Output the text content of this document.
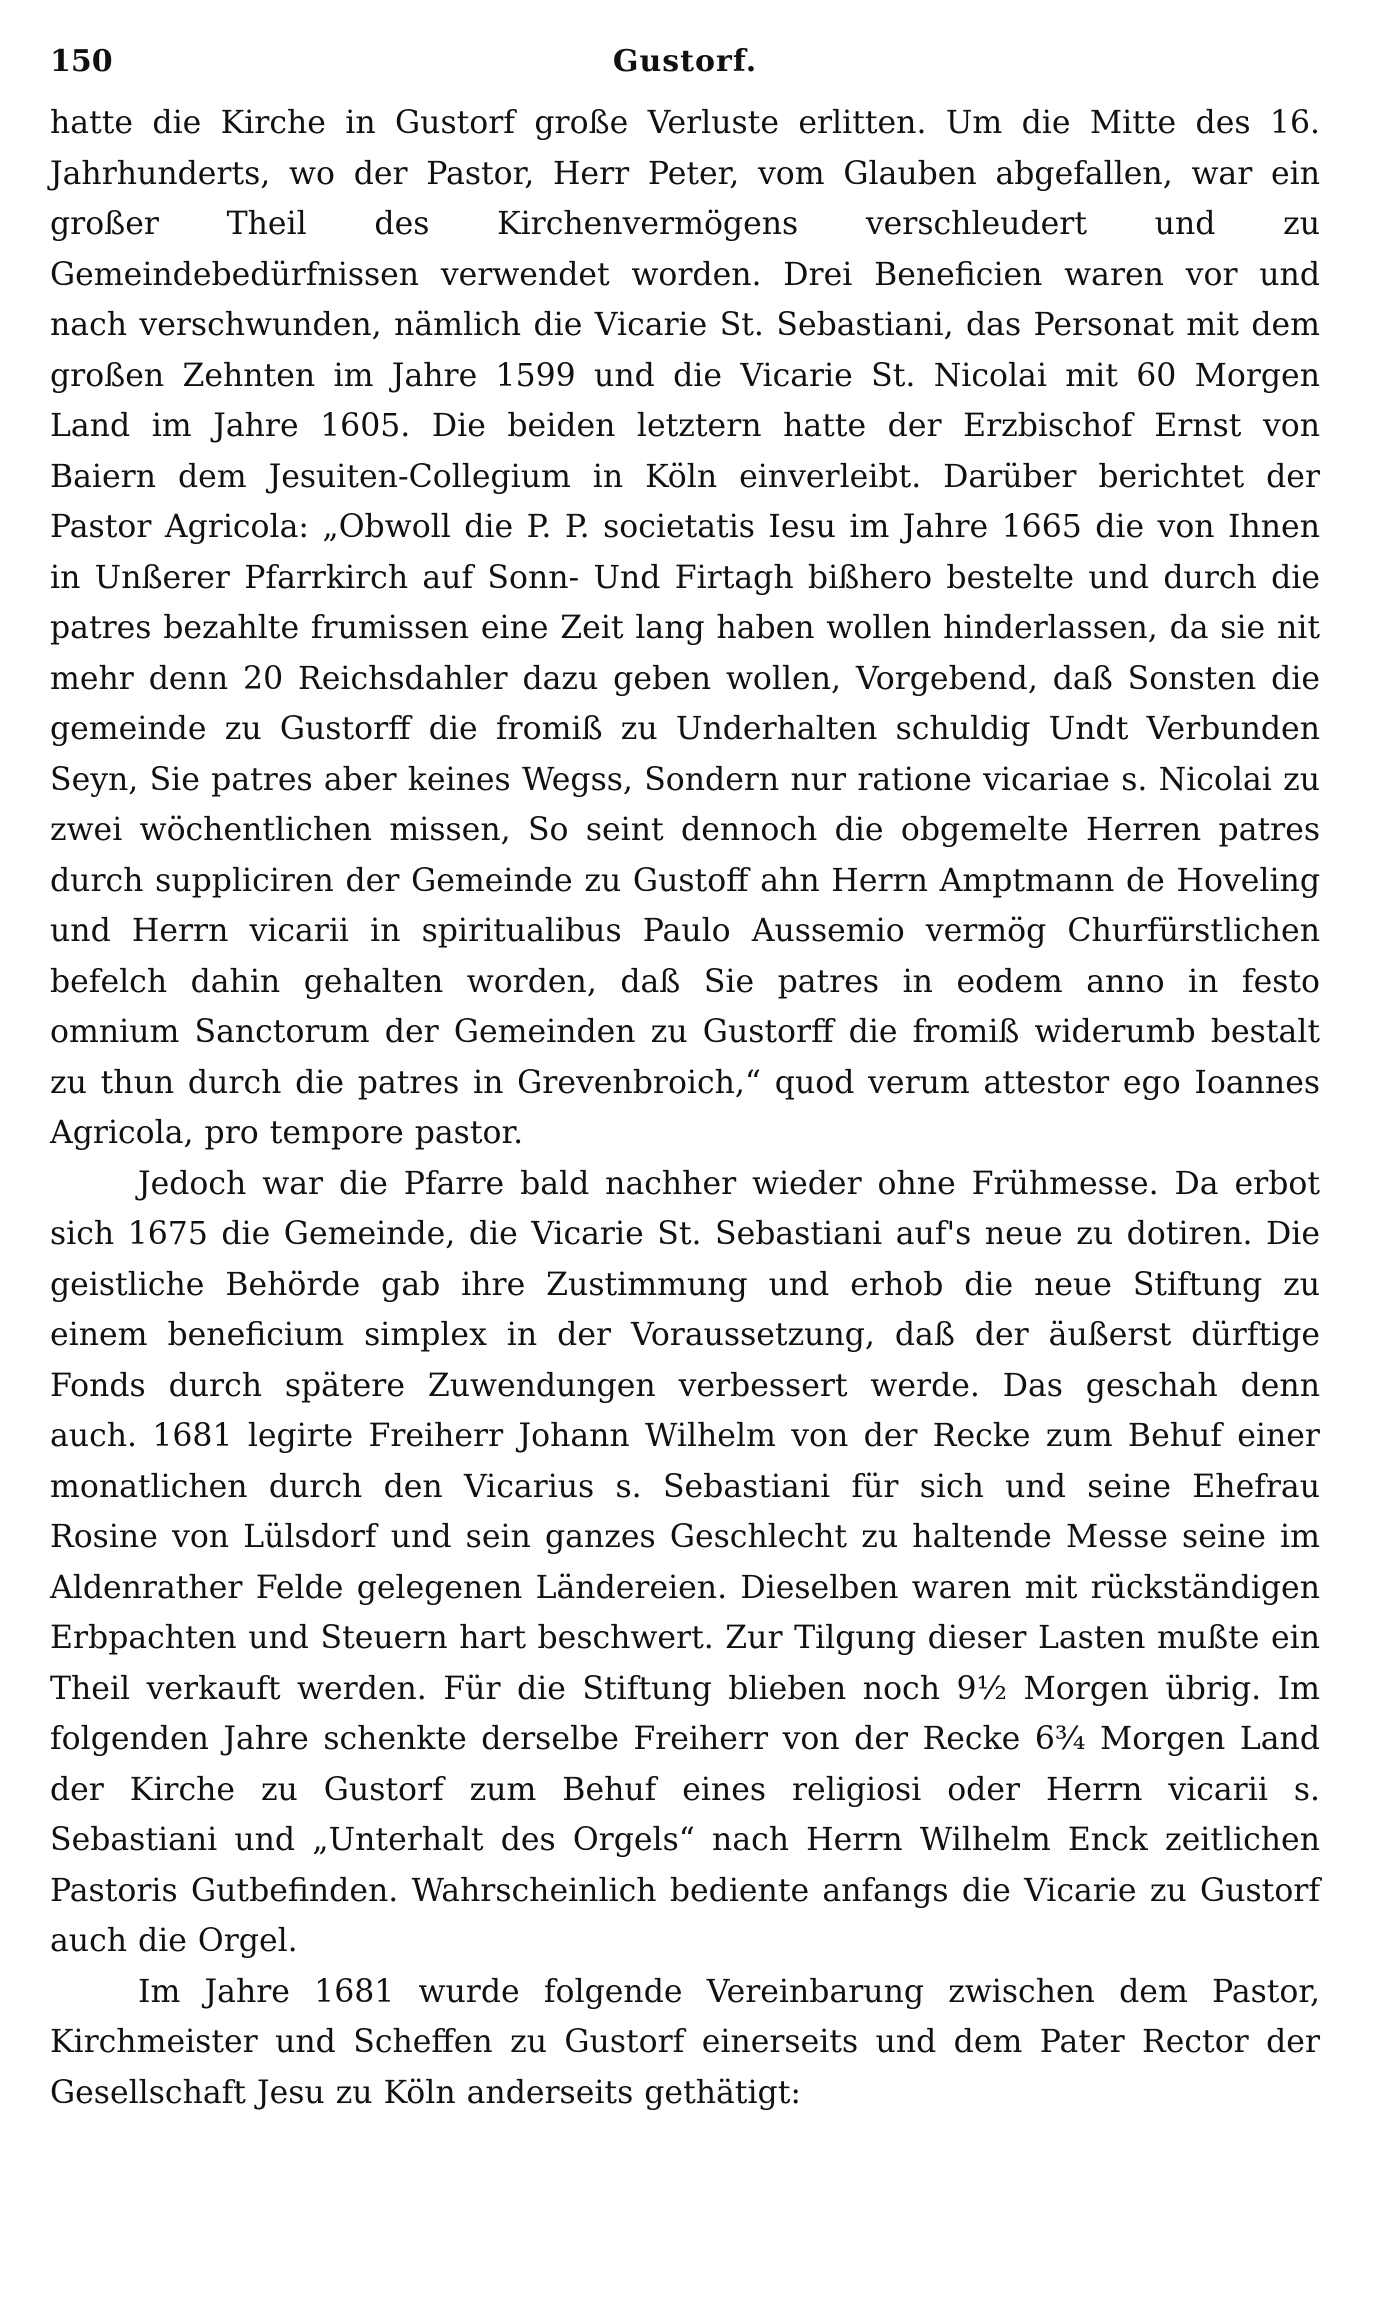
150	Gustorf.

hatte die Kirche in Gustorf große Verluste erlitten. Um die Mitte des 16. Jahrhunderts, wo der Pastor, Herr Peter, vom Glauben abgefallen, war ein großer Theil des Kirchenvermögens verschleudert und zu Gemeindebedürfnissen verwendet worden. Drei Beneficien waren vor und nach verschwunden, nämlich die Vicarie St. Sebastiani, das Personat mit dem großen Zehnten im Jahre 1599 und die Vicarie St. Nicolai mit 60 Morgen Land im Jahre 1605. Die beiden letztern hatte der Erzbischof Ernst von Baiern dem Jesuiten-Collegium in Köln einverleibt. Darüber berichtet der Pastor Agricola: „Obwoll die P. P. societatis Iesu im Jahre 1665 die von Ihnen in Unßerer Pfarrkirch auf Sonn- Und Firtagh bißhero bestelte und durch die patres bezahlte frumissen eine Zeit lang haben wollen hinderlassen, da sie nit mehr denn 20 Reichsdahler dazu geben wollen, Vorgebend, daß Sonsten die gemeinde zu Gustorff die fromiß zu Underhalten schuldig Undt Verbunden Seyn, Sie patres aber keines Wegss, Sondern nur ratione vicariae s. Nicolai zu zwei wöchentlichen missen, So seint dennoch die obgemelte Herren patres durch suppliciren der Gemeinde zu Gustoff ahn Herrn Amptmann de Hoveling und Herrn vicarii in spiritualibus Paulo Aussemio vermög Churfürstlichen befelch dahin gehalten worden, daß Sie patres in eodem anno in festo omnium Sanctorum der Gemeinden zu Gustorff die fromiß widerumb bestalt zu thun durch die patres in Grevenbroich,“ quod verum attestor ego Ioannes Agricola, pro tempore pastor.

Jedoch war die Pfarre bald nachher wieder ohne Frühmesse. Da erbot sich 1675 die Gemeinde, die Vicarie St. Sebastiani auf's neue zu dotiren. Die geistliche Behörde gab ihre Zustimmung und erhob die neue Stiftung zu einem beneficium simplex in der Voraussetzung, daß der äußerst dürftige Fonds durch spätere Zuwendungen verbessert werde. Das geschah denn auch. 1681 legirte Freiherr Johann Wilhelm von der Recke zum Behuf einer monatlichen durch den Vicarius s. Sebastiani für sich und seine Ehefrau Rosine von Lülsdorf und sein ganzes Geschlecht zu haltende Messe seine im Aldenrather Felde gelegenen Ländereien. Dieselben waren mit rückständigen Erbpachten und Steuern hart beschwert. Zur Tilgung dieser Lasten mußte ein Theil verkauft werden. Für die Stiftung blieben noch 9½ Morgen übrig. Im folgenden Jahre schenkte derselbe Freiherr von der Recke 6¾ Morgen Land der Kirche zu Gustorf zum Behuf eines religiosi oder Herrn vicarii s. Sebastiani und „Unterhalt des Orgels“ nach Herrn Wilhelm Enck zeitlichen Pastoris Gutbefinden. Wahrscheinlich bediente anfangs die Vicarie zu Gustorf auch die Orgel.

Im Jahre 1681 wurde folgende Vereinbarung zwischen dem Pastor, Kirchmeister und Scheffen zu Gustorf einerseits und dem Pater Rector der Gesellschaft Jesu zu Köln anderseits gethätigt:
